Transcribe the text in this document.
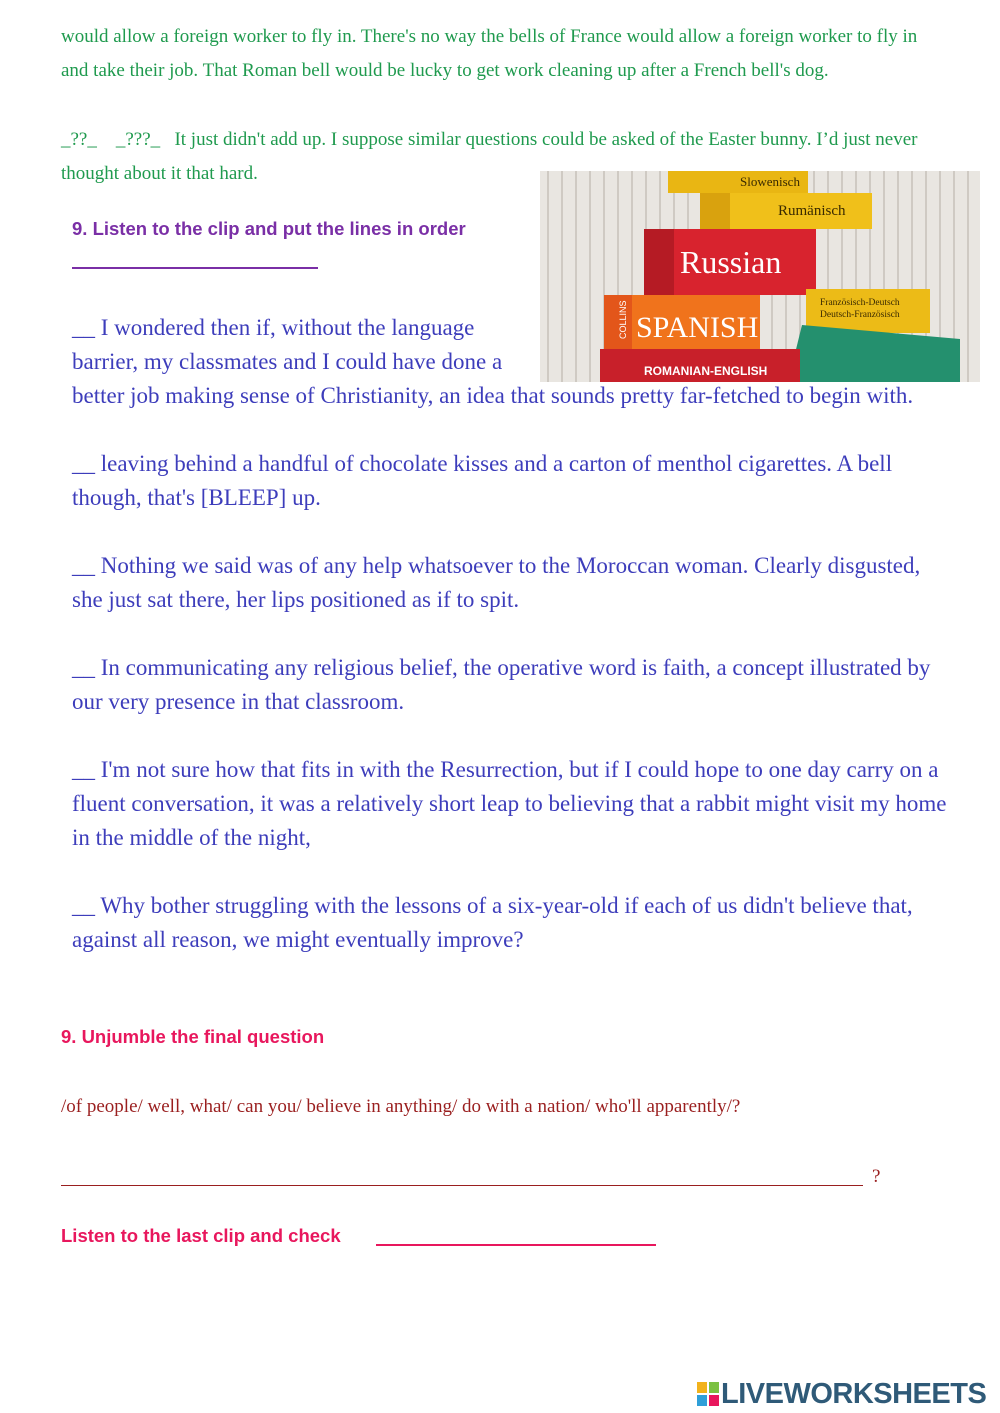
would allow a foreign worker to fly in. There's no way the bells of France would allow a foreign worker to fly in and take their job. That Roman bell would be lucky to get work cleaning up after a French bell's dog.

_??_ _???_ It just didn't add up. I suppose similar questions could be asked of the Easter bunny. I’d just never thought about it that hard.	Slowenisch
Rumänisch
Russian
Französisch-Deutsch
Deutsch-Französisch
COLLINS SPANISH
ROMANIAN-ENGLISH

9. Listen to the clip and put the lines in order

__ I wondered then if, without the language barrier, my classmates and I could have done a better job making sense of Christianity, an idea that sounds pretty far-fetched to begin with.

__ leaving behind a handful of chocolate kisses and a carton of menthol cigarettes. A bell though, that's [BLEEP] up.

__ Nothing we said was of any help whatsoever to the Moroccan woman. Clearly disgusted, she just sat there, her lips positioned as if to spit.

__ In communicating any religious belief, the operative word is faith, a concept illustrated by our very presence in that classroom.

__ I'm not sure how that fits in with the Resurrection, but if I could hope to one day carry on a fluent conversation, it was a relatively short leap to believing that a rabbit might visit my home in the middle of the night,

__ Why bother struggling with the lessons of a six-year-old if each of us didn't believe that, against all reason, we might eventually improve?

9. Unjumble the final question

/of people/ well, what/ can you/ believe in anything/ do with a nation/ who'll apparently/?

?

Listen to the last clip and check

LIVEWORKSHEETS
